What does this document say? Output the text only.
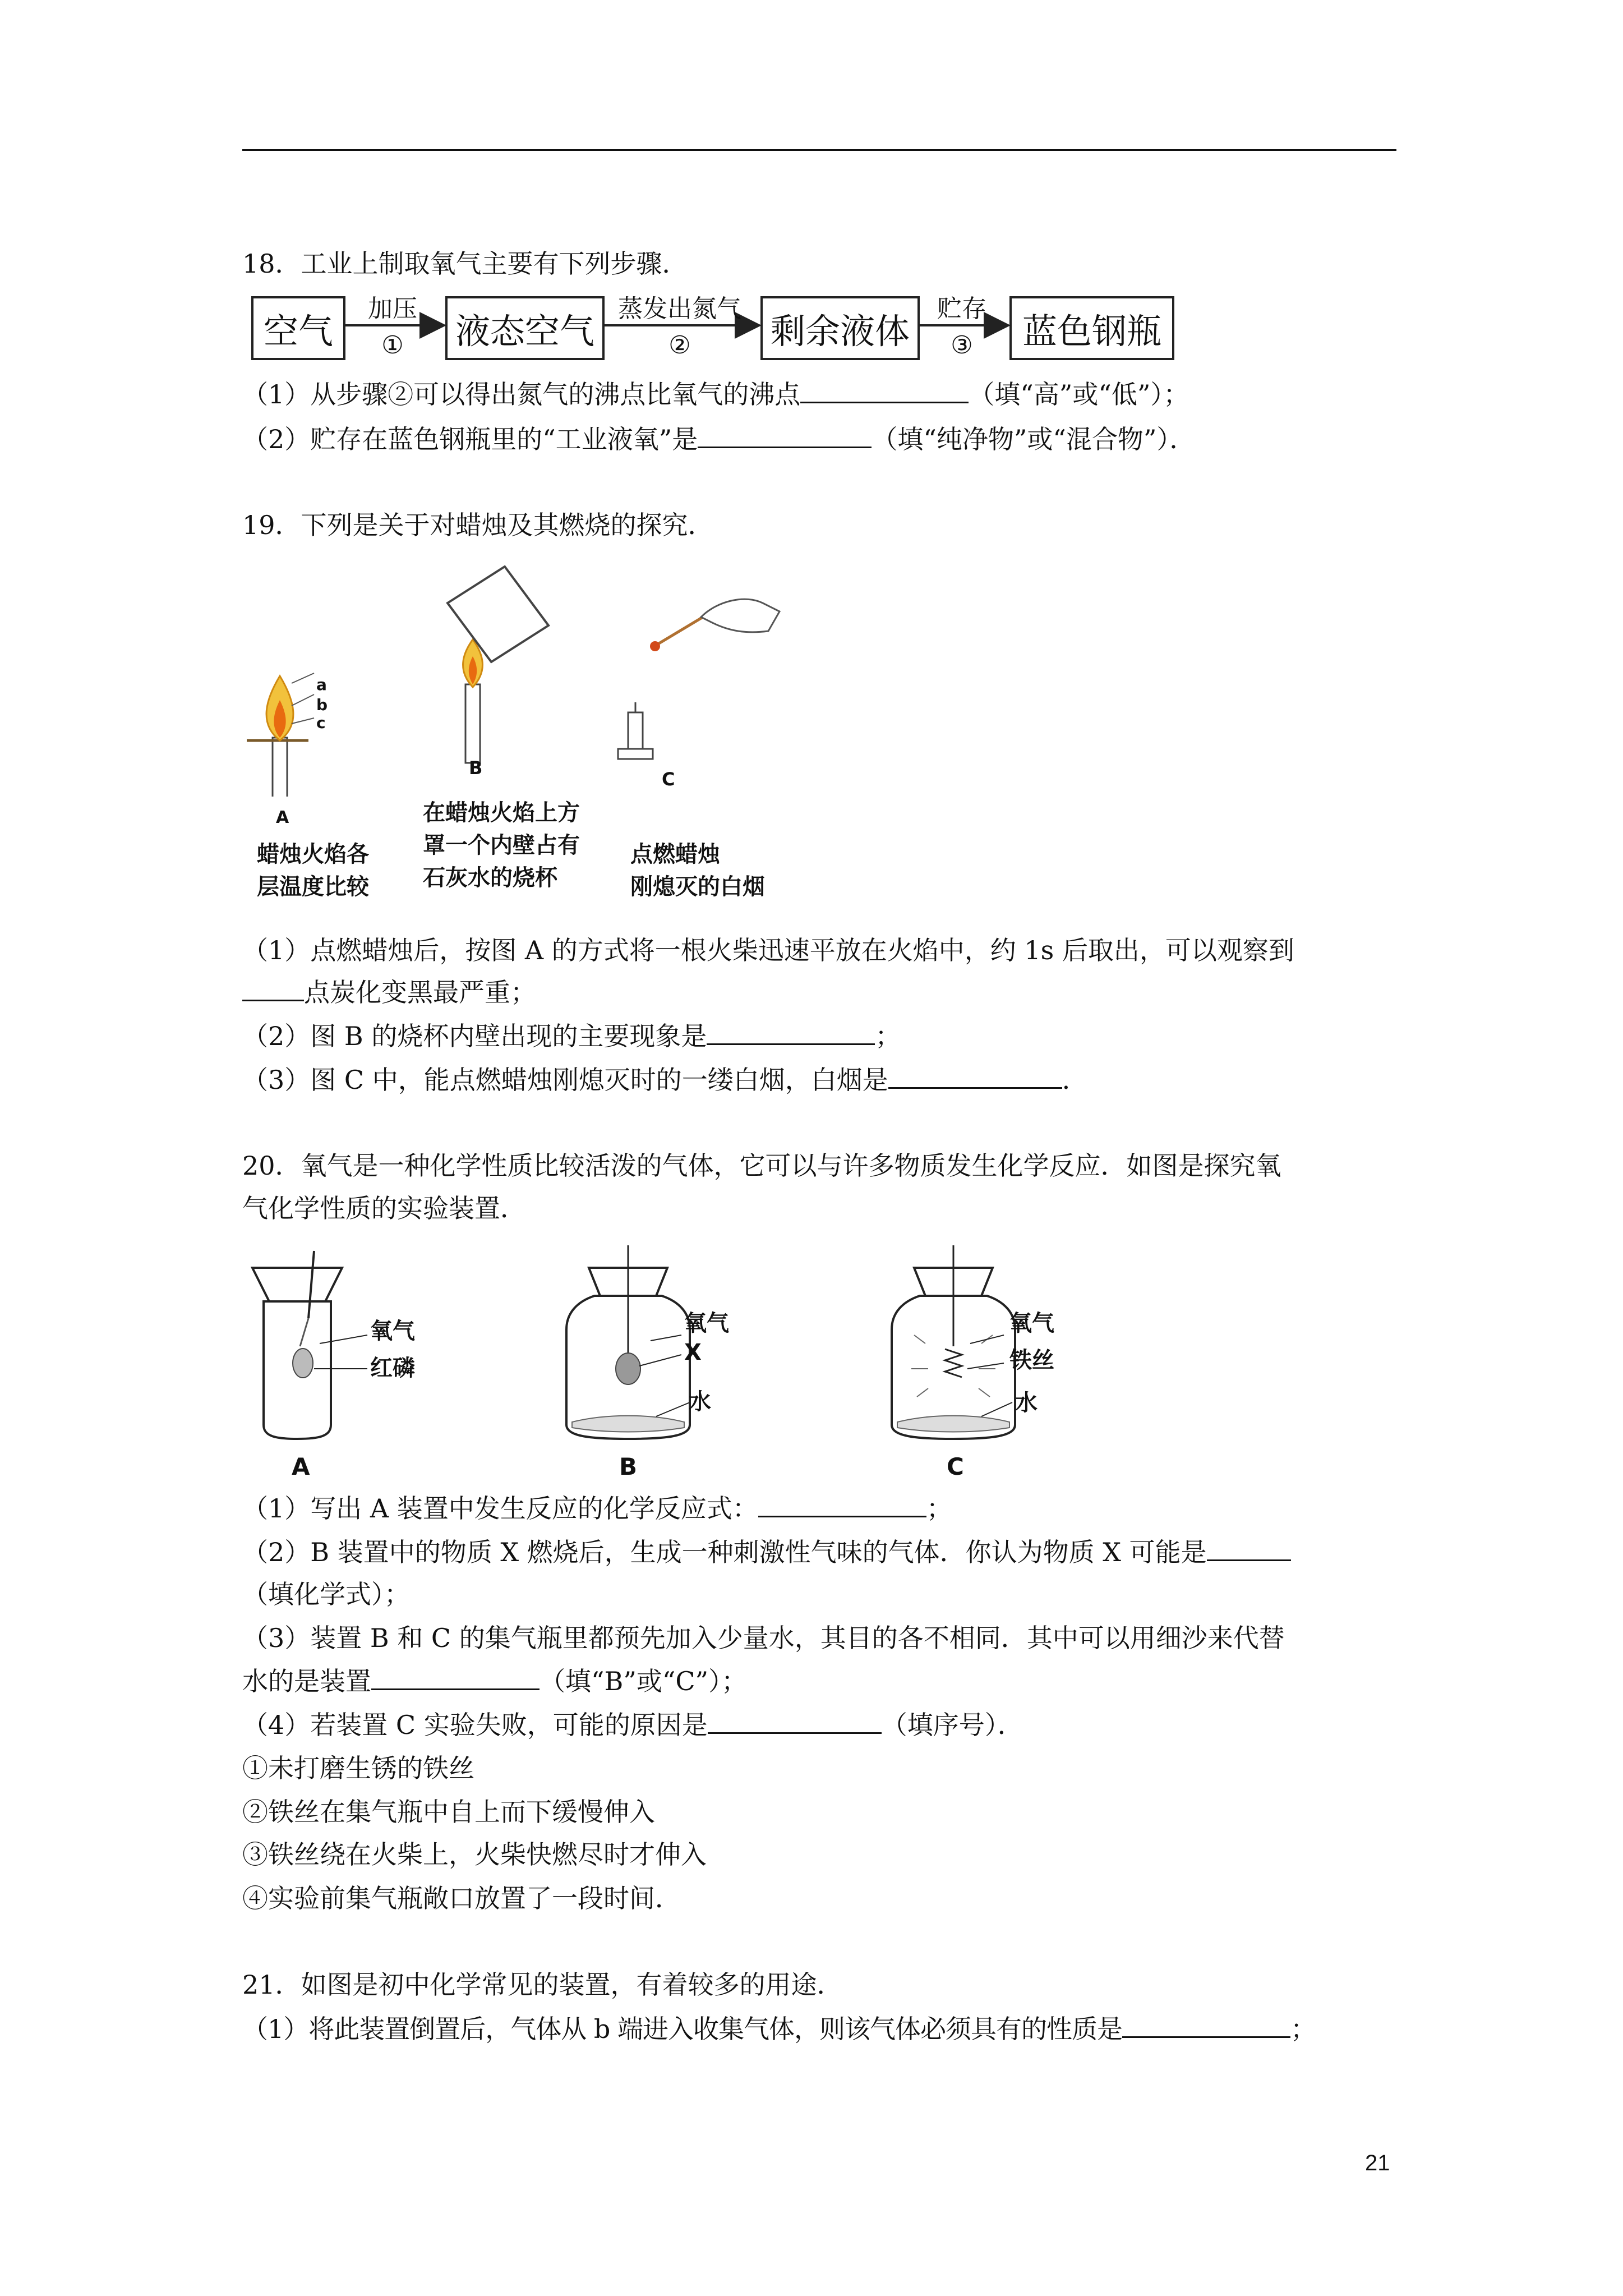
18．工业上制取氧气主要有下列步骤．
空气	液态空气	剩余液体	蓝色钢瓶
加压
①
蒸发出氮气
②
贮存
③
（1）从步骤②可以得出氮气的沸点比氧气的沸点	（填“高”或“低”）；
（2）贮存在蓝色钢瓶里的“工业液氧”是	（填“纯净物”或“混合物”）．
19．下列是关于对蜡烛及其燃烧的探究．
a
b
c
A
蜡烛火焰各
层温度比较
B
在蜡烛火焰上方
罩一个内壁占有
石灰水的烧杯
C
点燃蜡烛
刚熄灭的白烟
（1）点燃蜡烛后，按图 A 的方式将一根火柴迅速平放在火焰中，约 1s 后取出，可以观察到
点炭化变黑最严重；
（2）图 B 的烧杯内壁出现的主要现象是	；
（3）图 C 中，能点燃蜡烛刚熄灭时的一缕白烟，白烟是	．
20．氧气是一种化学性质比较活泼的气体，它可以与许多物质发生化学反应．如图是探究氧
气化学性质的实验装置．
氧气
红磷
氧气
X
水
氧气
铁丝
水
A	B	C
（1）写出 A 装置中发生反应的化学反应式：	；
（2）B 装置中的物质 X 燃烧后，生成一种刺激性气味的气体．你认为物质 X 可能是
（填化学式）；
（3）装置 B 和 C 的集气瓶里都预先加入少量水，其目的各不相同．其中可以用细沙来代替
水的是装置	（填“B”或“C”）；
（4）若装置 C 实验失败，可能的原因是	（填序号）．
①未打磨生锈的铁丝
②铁丝在集气瓶中自上而下缓慢伸入
③铁丝绕在火柴上，火柴快燃尽时才伸入
④实验前集气瓶敞口放置了一段时间．
21．如图是初中化学常见的装置，有着较多的用途．
（1）将此装置倒置后，气体从 b 端进入收集气体，则该气体必须具有的性质是	；
21
